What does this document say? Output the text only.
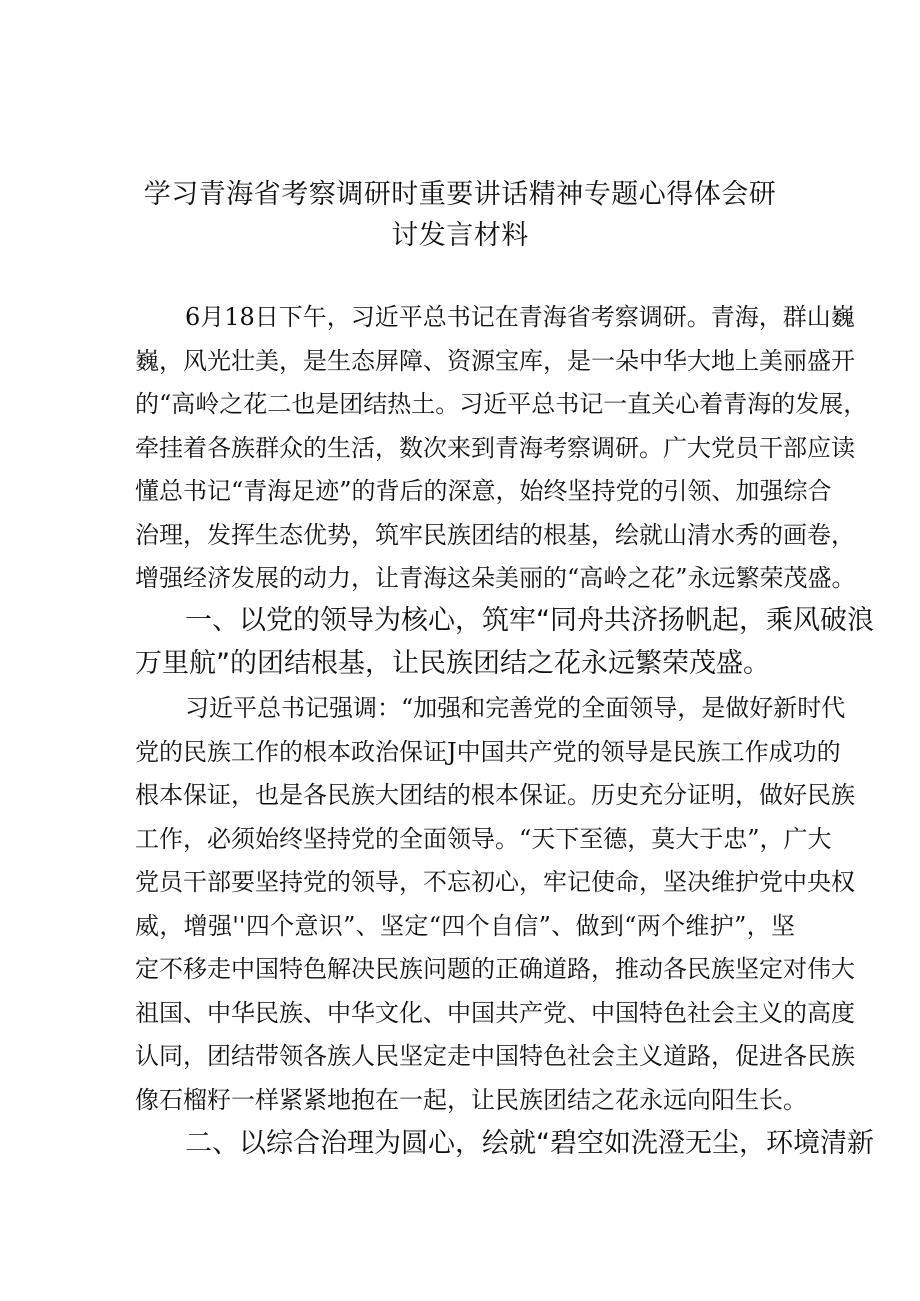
学习青海省考察调研时重要讲话精神专题心得体会研
讨发言材料
6月18日下午，习近平总书记在青海省考察调研。青海，群山巍
巍，风光壮美，是生态屏障、资源宝库，是一朵中华大地上美丽盛开
的“高岭之花二也是团结热土。习近平总书记一直关心着青海的发展，
牵挂着各族群众的生活，数次来到青海考察调研。广大党员干部应读
懂总书记“青海足迹”的背后的深意，始终坚持党的引领、加强综合
治理，发挥生态优势，筑牢民族团结的根基，绘就山清水秀的画卷，
增强经济发展的动力，让青海这朵美丽的“高岭之花”永远繁荣茂盛。
一、以党的领导为核心，筑牢“同舟共济扬帆起，乘风破浪
万里航”的团结根基，让民族团结之花永远繁荣茂盛。
习近平总书记强调：“加强和完善党的全面领导，是做好新时代
党的民族工作的根本政治保证J中国共产党的领导是民族工作成功的
根本保证，也是各民族大团结的根本保证。历史充分证明，做好民族
工作，必须始终坚持党的全面领导。“天下至德，莫大于忠”，广大
党员干部要坚持党的领导，不忘初心，牢记使命，坚决维护党中央权
威，增强''四个意识”、坚定“四个自信”、做到“两个维护”，坚
定不移走中国特色解决民族问题的正确道路，推动各民族坚定对伟大
祖国、中华民族、中华文化、中国共产党、中国特色社会主义的高度
认同，团结带领各族人民坚定走中国特色社会主义道路，促进各民族
像石榴籽一样紧紧地抱在一起，让民族团结之花永远向阳生长。
二、以综合治理为圆心，绘就“碧空如洗澄无尘，环境清新
